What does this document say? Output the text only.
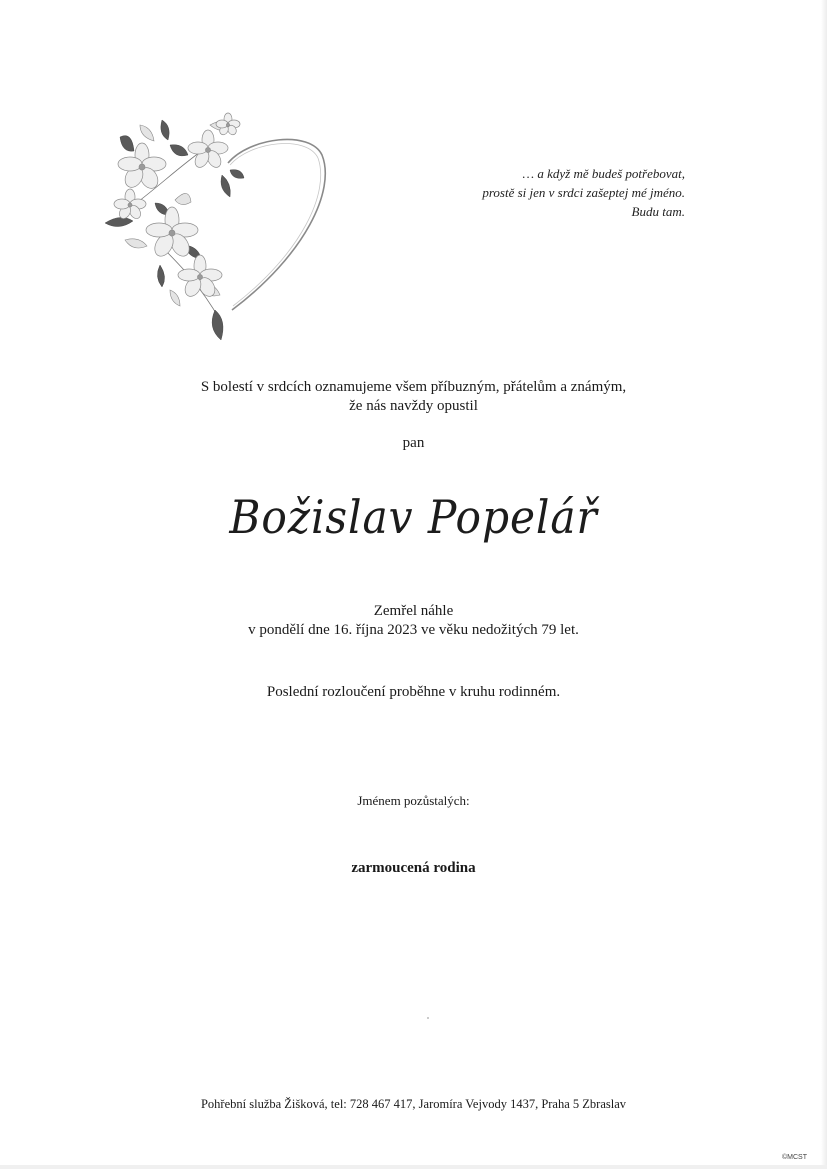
… a když mě budeš potřebovat,
prostě si jen v srdci zašeptej mé jméno.
Budu tam.
S bolestí v srdcích oznamujeme všem příbuzným, přátelům a známým,
že nás navždy opustil
pan
Božislav Popelář
Zemřel náhle
v pondělí dne 16. října 2023 ve věku nedožitých 79 let.
Poslední rozloučení proběhne v kruhu rodinném.
Jménem pozůstalých:
zarmoucená rodina
Pohřební služba Žišková, tel: 728 467 417, Jaromíra Vejvody 1437, Praha 5 Zbraslav
©MCST
